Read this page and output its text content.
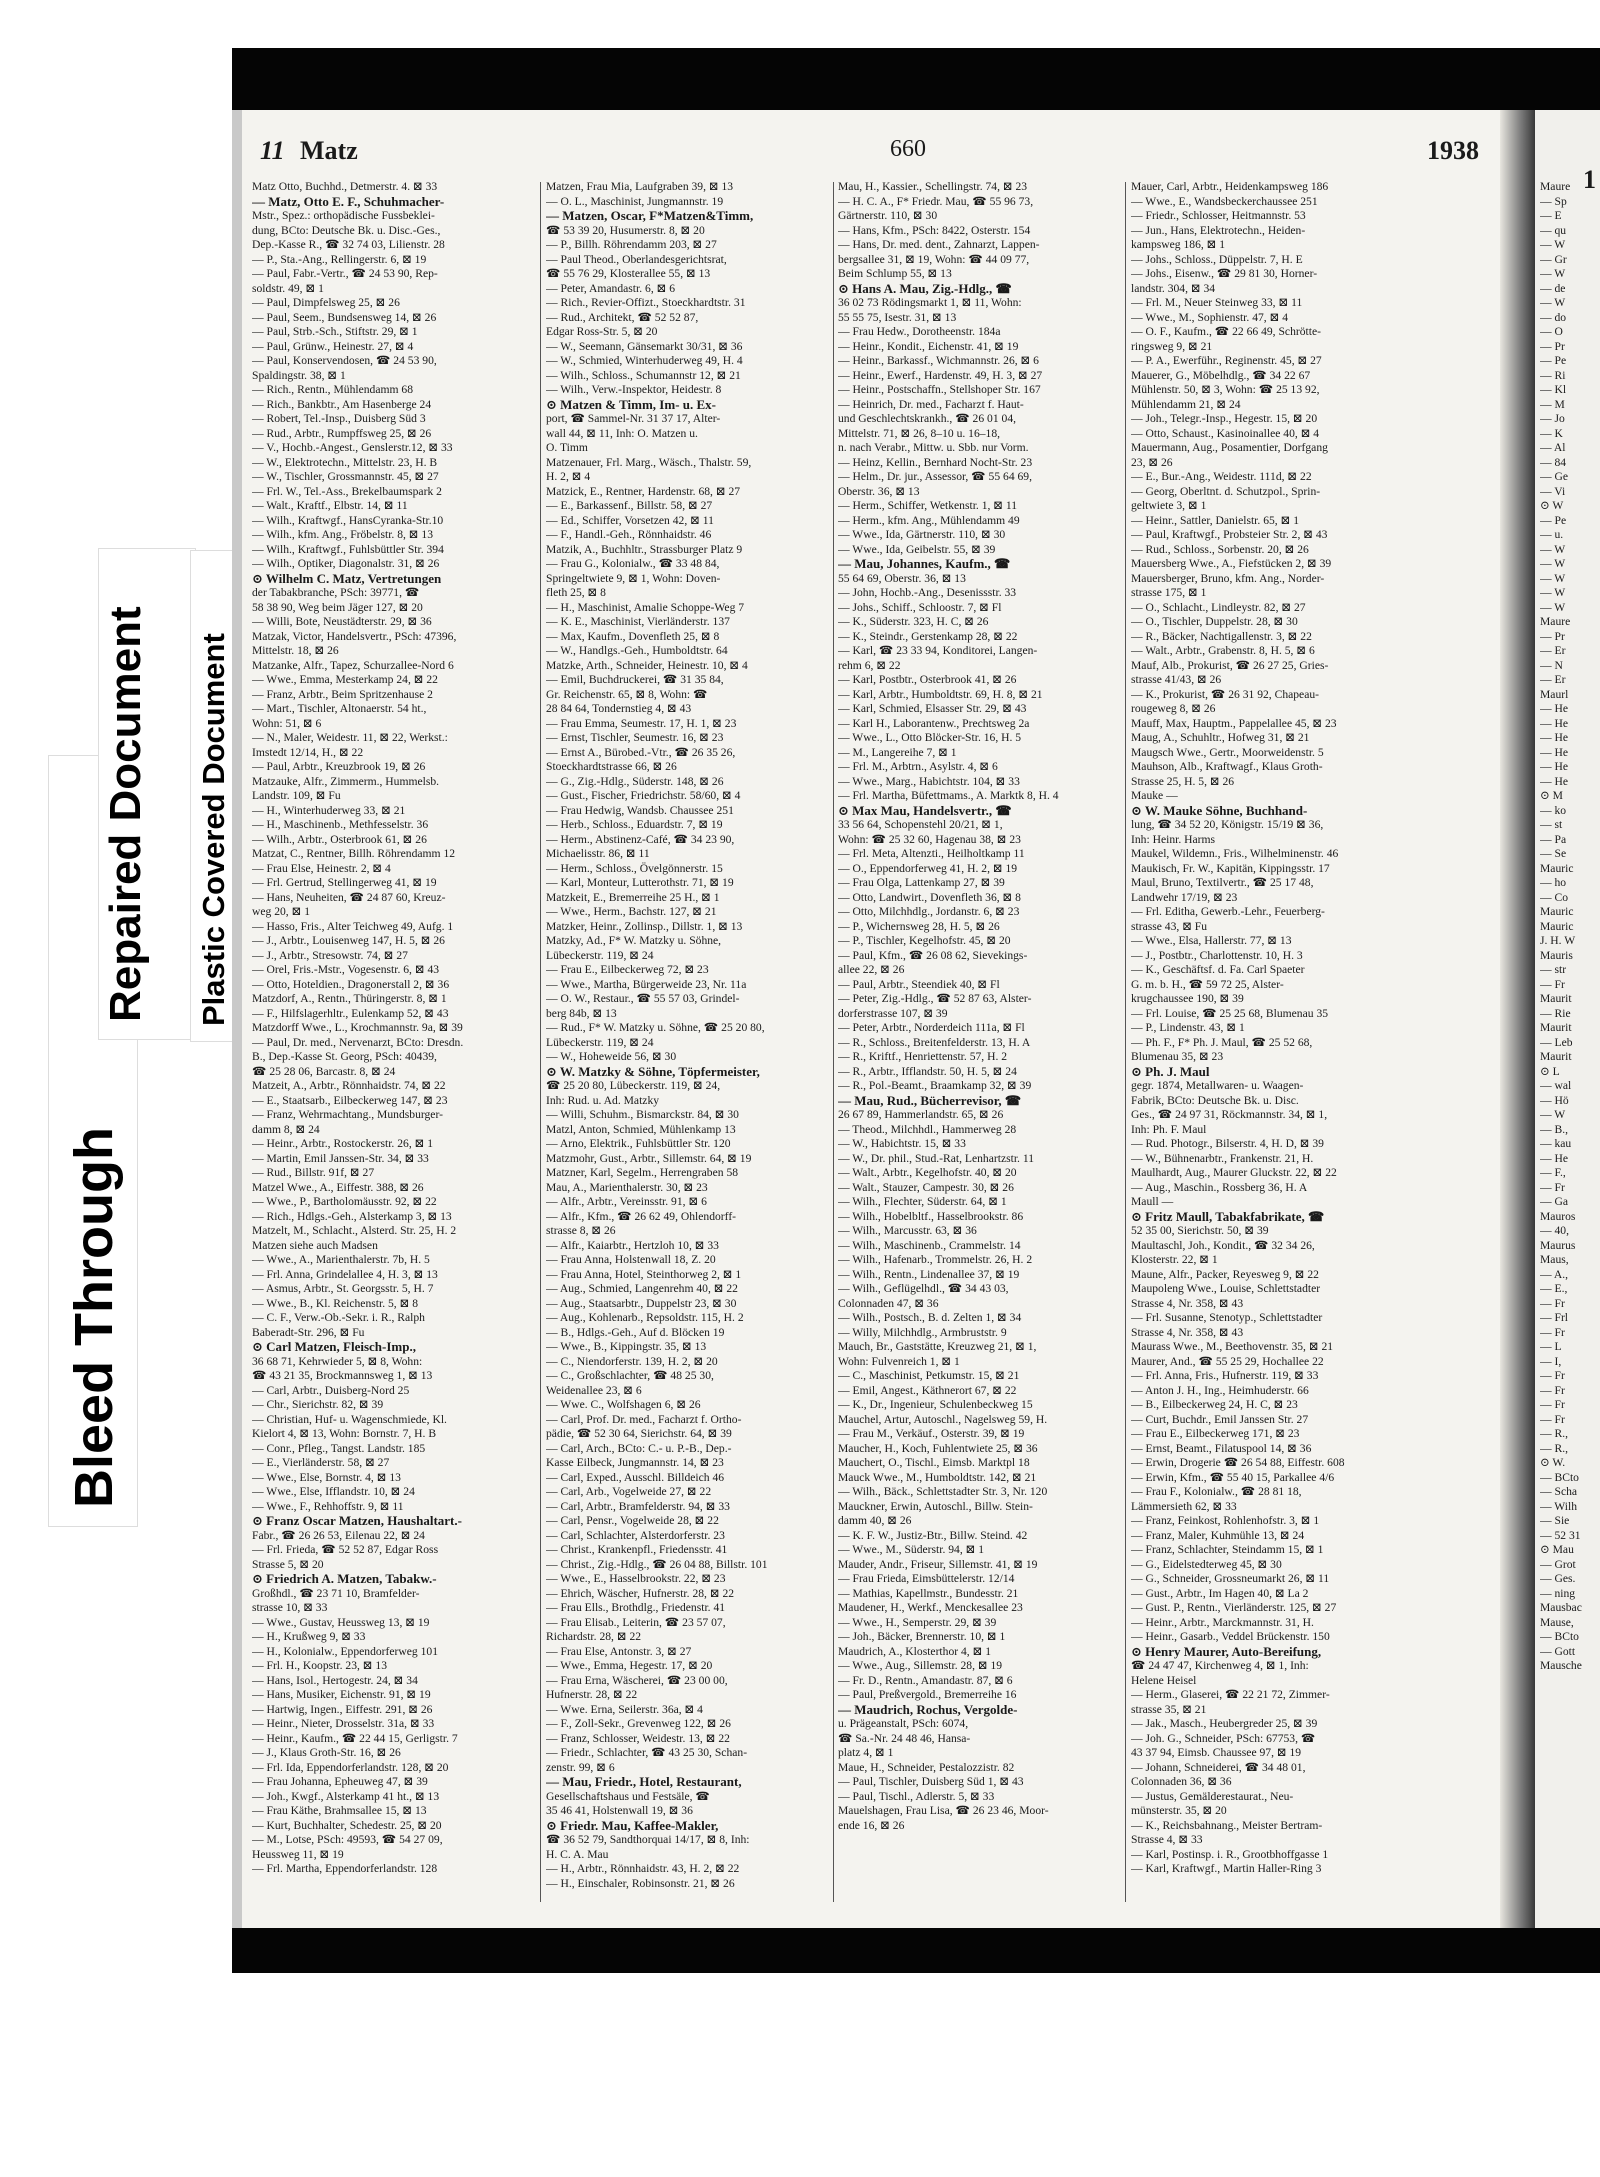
Bleed Through
Repaired Document Plastic Covered Document
11 Matz	660	1938
Matz Otto, Buchhd., Detmerstr. 4. ⊠ 33
— Matz, Otto E. F., Schuhmacher-
Mstr., Spez.: orthopädische Fussbeklei-
dung, BCto: Deutsche Bk. u. Disc.-Ges.,
Dep.-Kasse R., ☎ 32 74 03, Lilienstr. 28
— P., Sta.-Ang., Rellingerstr. 6, ⊠ 19
— Paul, Fabr.-Vertr., ☎ 24 53 90, Rep-
soldstr. 49, ⊠ 1
— Paul, Dimpfelsweg 25, ⊠ 26
— Paul, Seem., Bundsensweg 14, ⊠ 26
— Paul, Strb.-Sch., Stiftstr. 29, ⊠ 1
— Paul, Grünw., Heinestr. 27, ⊠ 4
— Paul, Konservendosen, ☎ 24 53 90,
Spaldingstr. 38, ⊠ 1
— Rich., Rentn., Mühlendamm 68
— Rich., Bankbtr., Am Hasenberge 24
— Robert, Tel.-Insp., Duisberg Süd 3
— Rud., Arbtr., Rumpffsweg 25, ⊠ 26
— V., Hochb.-Angest., Genslerstr.12, ⊠ 33
— W., Elektrotechn., Mittelstr. 23, H. B
— W., Tischler, Grossmannstr. 45, ⊠ 27
— Frl. W., Tel.-Ass., Brekelbaumspark 2
— Walt., Kraftf., Elbstr. 14, ⊠ 11
— Wilh., Kraftwgf., HansCyranka-Str.10
— Wilh., kfm. Ang., Fröbelstr. 8, ⊠ 13
— Wilh., Kraftwgf., Fuhlsbüttler Str. 394
— Wilh., Optiker, Diagonalstr. 31, ⊠ 26
⊙ Wilhelm C. Matz, Vertretungen
der Tabakbranche, PSch: 39771, ☎
58 38 90, Weg beim Jäger 127, ⊠ 20
— Willi, Bote, Neustädterstr. 29, ⊠ 36
Matzak, Victor, Handelsvertr., PSch: 47396,
Mittelstr. 18, ⊠ 26
Matzanke, Alfr., Tapez, Schurzallee-Nord 6
— Wwe., Emma, Mesterkamp 24, ⊠ 22
— Franz, Arbtr., Beim Spritzenhause 2
— Mart., Tischler, Altonaerstr. 54 ht.,
Wohn: 51, ⊠ 6
— N., Maler, Weidestr. 11, ⊠ 22, Werkst.:
Imstedt 12/14, H., ⊠ 22
— Paul, Arbtr., Kreuzbrook 19, ⊠ 26
Matzauke, Alfr., Zimmerm., Hummelsb.
Landstr. 109, ⊠ Fu
— H., Winterhuderweg 33, ⊠ 21
— H., Maschinenb., Methfesselstr. 36
— Wilh., Arbtr., Osterbrook 61, ⊠ 26
Matzat, C., Rentner, Billh. Röhrendamm 12
— Frau Else, Heinestr. 2, ⊠ 4
— Frl. Gertrud, Stellingerweg 41, ⊠ 19
— Hans, Neuheiten, ☎ 24 87 60, Kreuz-
weg 20, ⊠ 1
— Hasso, Fris., Alter Teichweg 49, Aufg. 1
— J., Arbtr., Louisenweg 147, H. 5, ⊠ 26
— J., Arbtr., Stresowstr. 74, ⊠ 27
— Orel, Fris.-Mstr., Vogesenstr. 6, ⊠ 43
— Otto, Hoteldien., Dragonerstall 2, ⊠ 36
Matzdorf, A., Rentn., Thüringerstr. 8, ⊠ 1
— F., Hilfslagerhltr., Eulenkamp 52, ⊠ 43
Matzdorff Wwe., L., Krochmannstr. 9a, ⊠ 39
— Paul, Dr. med., Nervenarzt, BCto: Dresdn.
B., Dep.-Kasse St. Georg, PSch: 40439,
☎ 25 28 06, Barcastr. 8, ⊠ 24
Matzeit, A., Arbtr., Rönnhaidstr. 74, ⊠ 22
— E., Staatsarb., Eilbeckerweg 147, ⊠ 23
— Franz, Wehrmachtang., Mundsburger-
damm 8, ⊠ 24
— Heinr., Arbtr., Rostockerstr. 26, ⊠ 1
— Martin, Emil Janssen-Str. 34, ⊠ 33
— Rud., Billstr. 91f, ⊠ 27
Matzel Wwe., A., Eiffestr. 388, ⊠ 26
— Wwe., P., Bartholomäusstr. 92, ⊠ 22
— Rich., Hdlgs.-Geh., Alsterkamp 3, ⊠ 13
Matzelt, M., Schlacht., Alsterd. Str. 25, H. 2
Matzen siehe auch Madsen
— Wwe., A., Marienthalerstr. 7b, H. 5
— Frl. Anna, Grindelallee 4, H. 3, ⊠ 13
— Asmus, Arbtr., St. Georgsstr. 5, H. 7
— Wwe., B., Kl. Reichenstr. 5, ⊠ 8
— C. F., Verw.-Ob.-Sekr. i. R., Ralph
Baberadt-Str. 296, ⊠ Fu
⊙ Carl Matzen, Fleisch-Imp.,
36 68 71, Kehrwieder 5, ⊠ 8, Wohn:
☎ 43 21 35, Brockmannsweg 1, ⊠ 13
— Carl, Arbtr., Duisberg-Nord 25
— Chr., Sierichstr. 82, ⊠ 39
— Christian, Huf- u. Wagenschmiede, Kl.
Kielort 4, ⊠ 13, Wohn: Bornstr. 7, H. B
— Conr., Pfleg., Tangst. Landstr. 185
— E., Vierländerstr. 58, ⊠ 27
— Wwe., Else, Bornstr. 4, ⊠ 13
— Wwe., Else, Ifflandstr. 10, ⊠ 24
— Wwe., F., Rehhoffstr. 9, ⊠ 11
⊙ Franz Oscar Matzen, Haushaltart.-
Fabr., ☎ 26 26 53, Eilenau 22, ⊠ 24
— Frl. Frieda, ☎ 52 52 87, Edgar Ross
Strasse 5, ⊠ 20
⊙ Friedrich A. Matzen, Tabakw.-
Großhdl., ☎ 23 71 10, Bramfelder-
strasse 10, ⊠ 33
— Wwe., Gustav, Heussweg 13, ⊠ 19
— H., Krußweg 9, ⊠ 33
— H., Kolonialw., Eppendorferweg 101
— Frl. H., Koopstr. 23, ⊠ 13
— Hans, Isol., Hertogestr. 24, ⊠ 34
— Hans, Musiker, Eichenstr. 91, ⊠ 19
— Hartwig, Ingen., Eiffestr. 291, ⊠ 26
— Heinr., Nieter, Drosselstr. 31a, ⊠ 33
— Heinr., Kaufm., ☎ 22 44 15, Gerligstr. 7
— J., Klaus Groth-Str. 16, ⊠ 26
— Frl. Ida, Eppendorferlandstr. 128, ⊠ 20
— Frau Johanna, Epheuweg 47, ⊠ 39
— Joh., Kwgf., Alsterkamp 41 ht., ⊠ 13
— Frau Käthe, Brahmsallee 15, ⊠ 13
— Kurt, Buchhalter, Schedestr. 25, ⊠ 20
— M., Lotse, PSch: 49593, ☎ 54 27 09,
Heussweg 11, ⊠ 19
— Frl. Martha, Eppendorferlandstr. 128
Matzen, Frau Mia, Laufgraben 39, ⊠ 13
— O. L., Maschinist, Jungmannstr. 19
— Matzen, Oscar, F*Matzen&Timm,
☎ 53 39 20, Husumerstr. 8, ⊠ 20
— P., Billh. Röhrendamm 203, ⊠ 27
— Paul Theod., Oberlandesgerichtsrat,
☎ 55 76 29, Klosterallee 55, ⊠ 13
— Peter, Amandastr. 6, ⊠ 6
— Rich., Revier-Offizt., Stoeckhardtstr. 31
— Rud., Architekt, ☎ 52 52 87,
Edgar Ross-Str. 5, ⊠ 20
— W., Seemann, Gänsemarkt 30/31, ⊠ 36
— W., Schmied, Winterhuderweg 49, H. 4
— Wilh., Schloss., Schumannstr 12, ⊠ 21
— Wilh., Verw.-Inspektor, Heidestr. 8
⊙ Matzen & Timm, Im- u. Ex-
port, ☎ Sammel-Nr. 31 37 17, Alter-
wall 44, ⊠ 11, Inh: O. Matzen u.
O. Timm
Matzenauer, Frl. Marg., Wäsch., Thalstr. 59,
H. 2, ⊠ 4
Matzick, E., Rentner, Hardenstr. 68, ⊠ 27
— E., Barkassenf., Billstr. 58, ⊠ 27
— Ed., Schiffer, Vorsetzen 42, ⊠ 11
— F., Handl.-Geh., Rönnhaidstr. 46
Matzik, A., Buchhltr., Strassburger Platz 9
— Frau G., Kolonialw., ☎ 33 48 84,
Springeltwiete 9, ⊠ 1, Wohn: Doven-
fleth 25, ⊠ 8
— H., Maschinist, Amalie Schoppe-Weg 7
— K. E., Maschinist, Vierländerstr. 137
— Max, Kaufm., Dovenfleth 25, ⊠ 8
— W., Handlgs.-Geh., Humboldtstr. 64
Matzke, Arth., Schneider, Heinestr. 10, ⊠ 4
— Emil, Buchdruckerei, ☎ 31 35 84,
Gr. Reichenstr. 65, ⊠ 8, Wohn: ☎
28 84 64, Tondernstieg 4, ⊠ 43
— Frau Emma, Seumestr. 17, H. 1, ⊠ 23
— Ernst, Tischler, Seumestr. 16, ⊠ 23
— Ernst A., Bürobed.-Vtr., ☎ 26 35 26,
Stoeckhardtstrasse 66, ⊠ 26
— G., Zig.-Hdlg., Süderstr. 148, ⊠ 26
— Gust., Fischer, Friedrichstr. 58/60, ⊠ 4
— Frau Hedwig, Wandsb. Chaussee 251
— Herb., Schloss., Eduardstr. 7, ⊠ 19
— Herm., Abstinenz-Café, ☎ 34 23 90,
Michaelisstr. 86, ⊠ 11
— Herm., Schloss., Övelgönnerstr. 15
— Karl, Monteur, Lutterothstr. 71, ⊠ 19
Matzkeit, E., Bremerreihe 25 H., ⊠ 1
— Wwe., Herm., Bachstr. 127, ⊠ 21
Matzker, Heinr., Zollinsp., Dillstr. 1, ⊠ 13
Matzky, Ad., F* W. Matzky u. Söhne,
Lübeckerstr. 119, ⊠ 24
— Frau E., Eilbeckerweg 72, ⊠ 23
— Wwe., Martha, Bürgerweide 23, Nr. 11a
— O. W., Restaur., ☎ 55 57 03, Grindel-
berg 84b, ⊠ 13
— Rud., F* W. Matzky u. Söhne, ☎ 25 20 80,
Lübeckerstr. 119, ⊠ 24
— W., Hoheweide 56, ⊠ 30
⊙ W. Matzky & Söhne, Töpfermeister,
☎ 25 20 80, Lübeckerstr. 119, ⊠ 24,
Inh: Rud. u. Ad. Matzky
— Willi, Schuhm., Bismarckstr. 84, ⊠ 30
Matzl, Anton, Schmied, Mühlenkamp 13
— Arno, Elektrik., Fuhlsbüttler Str. 120
Matzmohr, Gust., Arbtr., Sillemstr. 64, ⊠ 19
Matzner, Karl, Segelm., Herrengraben 58
Mau, A., Marienthalerstr. 30, ⊠ 23
— Alfr., Arbtr., Vereinsstr. 91, ⊠ 6
— Alfr., Kfm., ☎ 26 62 49, Ohlendorff-
strasse 8, ⊠ 26
— Alfr., Kaiarbtr., Hertzloh 10, ⊠ 33
— Frau Anna, Holstenwall 18, Z. 20
— Frau Anna, Hotel, Steinthorweg 2, ⊠ 1
— Aug., Schmied, Langenrehm 40, ⊠ 22
— Aug., Staatsarbtr., Duppelstr 23, ⊠ 30
— Aug., Kohlenarb., Repsoldstr. 115, H. 2
— B., Hdlgs.-Geh., Auf d. Blöcken 19
— Wwe., B., Kippingstr. 35, ⊠ 13
— C., Niendorferstr. 139, H. 2, ⊠ 20
— C., Großschlachter, ☎ 48 25 30,
Weidenallee 23, ⊠ 6
— Wwe. C., Wolfshagen 6, ⊠ 26
— Carl, Prof. Dr. med., Facharzt f. Ortho-
pädie, ☎ 52 30 64, Sierichstr. 64, ⊠ 39
— Carl, Arch., BCto: C.- u. P.-B., Dep.-
Kasse Eilbeck, Jungmannstr. 14, ⊠ 23
— Carl, Exped., Ausschl. Billdeich 46
— Carl, Arb., Vogelweide 27, ⊠ 22
— Carl, Arbtr., Bramfelderstr. 94, ⊠ 33
— Carl, Pensr., Vogelweide 28, ⊠ 22
— Carl, Schlachter, Alsterdorferstr. 23
— Christ., Krankenpfl., Friedensstr. 41
— Christ., Zig.-Hdlg., ☎ 26 04 88, Billstr. 101
— Wwe., E., Hasselbrookstr. 22, ⊠ 23
— Ehrich, Wäscher, Hufnerstr. 28, ⊠ 22
— Frau Ells., Brothdlg., Friedenstr. 41
— Frau Elisab., Leiterin, ☎ 23 57 07,
Richardstr. 28, ⊠ 22
— Frau Else, Antonstr. 3, ⊠ 27
— Wwe., Emma, Hegestr. 17, ⊠ 20
— Frau Erna, Wäscherei, ☎ 23 00 00,
Hufnerstr. 28, ⊠ 22
— Wwe. Erna, Seilerstr. 36a, ⊠ 4
— F., Zoll-Sekr., Grevenweg 122, ⊠ 26
— Franz, Schlosser, Weidestr. 13, ⊠ 22
— Friedr., Schlachter, ☎ 43 25 30, Schan-
zenstr. 99, ⊠ 6
— Mau, Friedr., Hotel, Restaurant,
Gesellschaftshaus und Festsäle, ☎
35 46 41, Holstenwall 19, ⊠ 36
⊙ Friedr. Mau, Kaffee-Makler,
☎ 36 52 79, Sandthorquai 14/17, ⊠ 8, Inh:
H. C. A. Mau
— H., Arbtr., Rönnhaidstr. 43, H. 2, ⊠ 22
— H., Einschaler, Robinsonstr. 21, ⊠ 26
Mau, H., Kassier., Schellingstr. 74, ⊠ 23
— H. C. A., F* Friedr. Mau, ☎ 55 96 73,
Gärtnerstr. 110, ⊠ 30
— Hans, Kfm., PSch: 8422, Osterstr. 154
— Hans, Dr. med. dent., Zahnarzt, Lappen-
bergsallee 31, ⊠ 19, Wohn: ☎ 44 09 77,
Beim Schlump 55, ⊠ 13
⊙ Hans A. Mau, Zig.-Hdlg., ☎
36 02 73 Rödingsmarkt 1, ⊠ 11, Wohn:
55 55 75, Isestr. 31, ⊠ 13
— Frau Hedw., Dorotheenstr. 184a
— Heinr., Kondit., Eichenstr. 41, ⊠ 19
— Heinr., Barkassf., Wichmannstr. 26, ⊠ 6
— Heinr., Ewerf., Hardenstr. 49, H. 3, ⊠ 27
— Heinr., Postschaffn., Stellshoper Str. 167
— Heinrich, Dr. med., Facharzt f. Haut-
und Geschlechtskrankh., ☎ 26 01 04,
Mittelstr. 71, ⊠ 26, 8–10 u. 16–18,
n. nach Verabr., Mittw. u. Sbb. nur Vorm.
— Heinz, Kellin., Bernhard Nocht-Str. 23
— Helm., Dr. jur., Assessor, ☎ 55 64 69,
Oberstr. 36, ⊠ 13
— Herm., Schiffer, Wetkenstr. 1, ⊠ 11
— Herm., kfm. Ang., Mühlendamm 49
— Wwe., Ida, Gärtnerstr. 110, ⊠ 30
— Wwe., Ida, Geibelstr. 55, ⊠ 39
— Mau, Johannes, Kaufm., ☎
55 64 69, Oberstr. 36, ⊠ 13
— John, Hochb.-Ang., Desenissstr. 33
— Johs., Schiff., Schloostr. 7, ⊠ Fl
— K., Süderstr. 323, H. C, ⊠ 26
— K., Steindr., Gerstenkamp 28, ⊠ 22
— Karl, ☎ 23 33 94, Konditorei, Langen-
rehm 6, ⊠ 22
— Karl, Postbtr., Osterbrook 41, ⊠ 26
— Karl, Arbtr., Humboldtstr. 69, H. 8, ⊠ 21
— Karl, Schmied, Elsasser Str. 29, ⊠ 43
— Karl H., Laborantenw., Prechtsweg 2a
— Wwe., L., Otto Blöcker-Str. 16, H. 5
— M., Langereihe 7, ⊠ 1
— Frl. M., Arbtrn., Asylstr. 4, ⊠ 6
— Wwe., Marg., Habichtstr. 104, ⊠ 33
— Frl. Martha, Büfettmams., A. Marktk 8, H. 4
⊙ Max Mau, Handelsvertr., ☎
33 56 64, Schopenstehl 20/21, ⊠ 1,
Wohn: ☎ 25 32 60, Hagenau 38, ⊠ 23
— Frl. Meta, Altenzti., Heilholtkamp 11
— O., Eppendorferweg 41, H. 2, ⊠ 19
— Frau Olga, Lattenkamp 27, ⊠ 39
— Otto, Landwirt., Dovenfleth 36, ⊠ 8
— Otto, Milchhdlg., Jordanstr. 6, ⊠ 23
— P., Wichernsweg 28, H. 5, ⊠ 26
— P., Tischler, Kegelhofstr. 45, ⊠ 20
— Paul, Kfm., ☎ 26 08 62, Sievekings-
allee 22, ⊠ 26
— Paul, Arbtr., Steendiek 40, ⊠ Fl
— Peter, Zig.-Hdlg., ☎ 52 87 63, Alster-
dorferstrasse 107, ⊠ 39
— Peter, Arbtr., Norderdeich 111a, ⊠ Fl
— R., Schloss., Breitenfelderstr. 13, H. A
— R., Kriftf., Henriettenstr. 57, H. 2
— R., Arbtr., Ifflandstr. 50, H. 5, ⊠ 24
— R., Pol.-Beamt., Braamkamp 32, ⊠ 39
— Mau, Rud., Bücherrevisor, ☎
26 67 89, Hammerlandstr. 65, ⊠ 26
— Theod., Milchhdl., Hammerweg 28
— W., Habichtstr. 15, ⊠ 33
— W., Dr. phil., Stud.-Rat, Lenhartzstr. 11
— Walt., Arbtr., Kegelhofstr. 40, ⊠ 20
— Walt., Stauzer, Campestr. 30, ⊠ 26
— Wilh., Flechter, Süderstr. 64, ⊠ 1
— Wilh., Hobelbltf., Hasselbrookstr. 86
— Wilh., Marcusstr. 63, ⊠ 36
— Wilh., Maschinenb., Crammelstr. 14
— Wilh., Hafenarb., Trommelstr. 26, H. 2
— Wilh., Rentn., Lindenallee 37, ⊠ 19
— Wilh., Geflügelhdl., ☎ 34 43 03,
Colonnaden 47, ⊠ 36
— Wilh., Postsch., B. d. Zelten 1, ⊠ 34
— Willy, Milchhdlg., Armbruststr. 9
Mauch, Br., Gaststätte, Kreuzweg 21, ⊠ 1,
Wohn: Fulvenreich 1, ⊠ 1
— C., Maschinist, Petkumstr. 15, ⊠ 21
— Emil, Angest., Käthnerort 67, ⊠ 22
— K., Dr., Ingenieur, Schulenbeckweg 15
Mauchel, Artur, Autoschl., Nagelsweg 59, H.
— Frau M., Verkäuf., Osterstr. 39, ⊠ 19
Maucher, H., Koch, Fuhlentwiete 25, ⊠ 36
Mauchert, O., Tischl., Eimsb. Marktpl 18
Mauck Wwe., M., Humboldtstr. 142, ⊠ 21
— Wilh., Bäck., Schlettstadter Str. 3, Nr. 120
Mauckner, Erwin, Autoschl., Billw. Stein-
damm 40, ⊠ 26
— K. F. W., Justiz-Btr., Billw. Steind. 42
— Wwe., M., Süderstr. 94, ⊠ 1
Mauder, Andr., Friseur, Sillemstr. 41, ⊠ 19
— Frau Frieda, Eimsbüttelerstr. 12/14
— Mathias, Kapellmstr., Bundesstr. 21
Maudener, H., Werkf., Menckesallee 23
— Wwe., H., Semperstr. 29, ⊠ 39
— Joh., Bäcker, Brennerstr. 10, ⊠ 1
Maudrich, A., Klosterthor 4, ⊠ 1
— Wwe., Aug., Sillemstr. 28, ⊠ 19
— Fr. D., Rentn., Amandastr. 87, ⊠ 6
— Paul, Preßvergold., Bremerreihe 16
— Maudrich, Rochus, Vergolde-
u. Prägeanstalt, PSch: 6074,
☎ Sa.-Nr. 24 48 46, Hansa-
platz 4, ⊠ 1
Maue, H., Schneider, Pestalozzistr. 82
— Paul, Tischler, Duisberg Süd 1, ⊠ 43
— Paul, Tischl., Adlerstr. 5, ⊠ 33
Mauelshagen, Frau Lisa, ☎ 26 23 46, Moor-
ende 16, ⊠ 26
Mauer, Carl, Arbtr., Heidenkampsweg 186
— Wwe., E., Wandsbeckerchaussee 251
— Friedr., Schlosser, Heitmannstr. 53
— Jun., Hans, Elektrotechn., Heiden-
kampsweg 186, ⊠ 1
— Johs., Schloss., Düppelstr. 7, H. E
— Johs., Eisenw., ☎ 29 81 30, Horner-
landstr. 304, ⊠ 34
— Frl. M., Neuer Steinweg 33, ⊠ 11
— Wwe., M., Sophienstr. 47, ⊠ 4
— O. F., Kaufm., ☎ 22 66 49, Schrötte-
ringsweg 9, ⊠ 21
— P. A., Ewerführ., Reginenstr. 45, ⊠ 27
Mauerer, G., Möbelhdlg., ☎ 34 22 67
Mühlenstr. 50, ⊠ 3, Wohn: ☎ 25 13 92,
Mühlendamm 21, ⊠ 24
— Joh., Telegr.-Insp., Hegestr. 15, ⊠ 20
— Otto, Schaust., Kasinoinallee 40, ⊠ 4
Mauermann, Aug., Posamentier, Dorfgang
23, ⊠ 26
— E., Bur.-Ang., Weidestr. 111d, ⊠ 22
— Georg, Oberltnt. d. Schutzpol., Sprin-
geltwiete 3, ⊠ 1
— Heinr., Sattler, Danielstr. 65, ⊠ 1
— Paul, Kraftwgf., Probsteier Str. 2, ⊠ 43
— Rud., Schloss., Sorbenstr. 20, ⊠ 26
Mauersberg Wwe., A., Fiefstücken 2, ⊠ 39
Mauersberger, Bruno, kfm. Ang., Norder-
strasse 175, ⊠ 1
— O., Schlacht., Lindleystr. 82, ⊠ 27
— O., Tischler, Duppelstr. 28, ⊠ 30
— R., Bäcker, Nachtigallenstr. 3, ⊠ 22
— Walt., Arbtr., Grabenstr. 8, H. 5, ⊠ 6
Mauf, Alb., Prokurist, ☎ 26 27 25, Gries-
strasse 41/43, ⊠ 26
— K., Prokurist, ☎ 26 31 92, Chapeau-
rougeweg 8, ⊠ 26
Mauff, Max, Hauptm., Pappelallee 45, ⊠ 23
Maug, A., Schuhltr., Hofweg 31, ⊠ 21
Maugsch Wwe., Gertr., Moorweidenstr. 5
Mauhson, Alb., Kraftwagf., Klaus Groth-
Strasse 25, H. 5, ⊠ 26
Mauke —
⊙ W. Mauke Söhne, Buchhand-
lung, ☎ 34 52 20, Königstr. 15/19 ⊠ 36,
Inh: Heinr. Harms
Maukel, Wildemn., Fris., Wilhelminenstr. 46
Maukisch, Fr. W., Kapitän, Kippingsstr. 17
Maul, Bruno, Textilvertr., ☎ 25 17 48,
Landwehr 17/19, ⊠ 23
— Frl. Editha, Gewerb.-Lehr., Feuerberg-
strasse 43, ⊠ Fu
— Wwe., Elsa, Hallerstr. 77, ⊠ 13
— J., Postbtr., Charlottenstr. 10, H. 3
— K., Geschäftsf. d. Fa. Carl Spaeter
G. m. b. H., ☎ 59 72 25, Alster-
krugchaussee 190, ⊠ 39
— Frl. Louise, ☎ 25 25 68, Blumenau 35
— P., Lindenstr. 43, ⊠ 1
— Ph. F., F* Ph. J. Maul, ☎ 25 52 68,
Blumenau 35, ⊠ 23
⊙ Ph. J. Maul
gegr. 1874, Metallwaren- u. Waagen-
Fabrik, BCto: Deutsche Bk. u. Disc.
Ges., ☎ 24 97 31, Röckmannstr. 34, ⊠ 1,
Inh: Ph. F. Maul
— Rud. Photogr., Bilserstr. 4, H. D, ⊠ 39
— W., Bühnenarbtr., Frankenstr. 21, H.
Maulhardt, Aug., Maurer Gluckstr. 22, ⊠ 22
— Aug., Maschin., Rossberg 36, H. A
Maull —
⊙ Fritz Maull, Tabakfabrikate, ☎
52 35 00, Sierichstr. 50, ⊠ 39
Maultaschl, Joh., Kondit., ☎ 32 34 26,
Klosterstr. 22, ⊠ 1
Maune, Alfr., Packer, Reyesweg 9, ⊠ 22
Maupoleng Wwe., Louise, Schlettstadter
Strasse 4, Nr. 358, ⊠ 43
— Frl. Susanne, Stenotyp., Schlettstadter
Strasse 4, Nr. 358, ⊠ 43
Maurass Wwe., M., Beethovenstr. 35, ⊠ 21
Maurer, And., ☎ 55 25 29, Hochallee 22
— Frl. Anna, Fris., Hufnerstr. 119, ⊠ 33
— Anton J. H., Ing., Heimhuderstr. 66
— B., Eilbeckerweg 24, H. C, ⊠ 23
— Curt, Buchdr., Emil Janssen Str. 27
— Frau E., Eilbeckerweg 171, ⊠ 23
— Ernst, Beamt., Filatuspool 14, ⊠ 36
— Erwin, Drogerie ☎ 26 54 88, Eiffestr. 608
— Erwin, Kfm., ☎ 55 40 15, Parkallee 4/6
— Frau F., Kolonialw., ☎ 28 81 18,
Lämmersieth 62, ⊠ 33
— Franz, Feinkost, Rohlenhofstr. 3, ⊠ 1
— Franz, Maler, Kuhmühle 13, ⊠ 24
— Franz, Schlachter, Steindamm 15, ⊠ 1
— G., Eidelstedterweg 45, ⊠ 30
— G., Schneider, Grossneumarkt 26, ⊠ 11
— Gust., Arbtr., Im Hagen 40, ⊠ La 2
— Gust. P., Rentn., Vierländerstr. 125, ⊠ 27
— Heinr., Arbtr., Marckmannstr. 31, H.
— Heinr., Gasarb., Veddel Brückenstr. 150
⊙ Henry Maurer, Auto-Bereifung,
☎ 24 47 47, Kirchenweg 4, ⊠ 1, Inh:
Helene Heisel
— Herm., Glaserei, ☎ 22 21 72, Zimmer-
strasse 35, ⊠ 21
— Jak., Masch., Heubergreder 25, ⊠ 39
— Joh. G., Schneider, PSch: 67753, ☎
43 37 94, Eimsb. Chaussee 97, ⊠ 19
— Johann, Schneiderei, ☎ 34 48 01,
Colonnaden 36, ⊠ 36
— Justus, Gemälderestaurat., Neu-
münsterstr. 35, ⊠ 20
— K., Reichsbahnang., Meister Bertram-
Strasse 4, ⊠ 33
— Karl, Postinsp. i. R., Grootbhoffgasse 1
— Karl, Kraftwgf., Martin Haller-Ring 3
1
Maure
— Sp
— E
— qu
— W
— Gr
— W
— de
— W
— do
— O
— Pr
— Pe
— Ri
— Kl
— M
— Jo
— K
— Al
— 84
— Ge
— Vi
⊙ W
— Pe
— u.
— W
— W
— W
— W
— W
Maure
— Pr
— Er
— N
— Er
Maurl
— He
— He
— He
— He
— He
— He
⊙ M
— ko
— st
— Pa
— Se
Mauric
— ho
— Co
Mauric
Mauric
J. H. W
Mauris
— str
— Fr
Maurit
— Rie
Maurit
— Leb
Maurit
⊙ L
— wal
— Hö
— W
— B.,
— kau
— He
— F.,
— Fr
— Ga
Mauros
— 40,
Maurus
Maus,
— A.,
— E.,
— Fr
— Frl
— Fr
— L
— I,
— Fr
— Fr
— Fr
— Fr
— R.,
— R.,
⊙ W.
— BCto
— Scha
— Wilh
— Sie
— 52 31
⊙ Mau
— Grot
— Ges.
— ning
Mausbac
Mause,
— BCto
— Gott
Mausche
